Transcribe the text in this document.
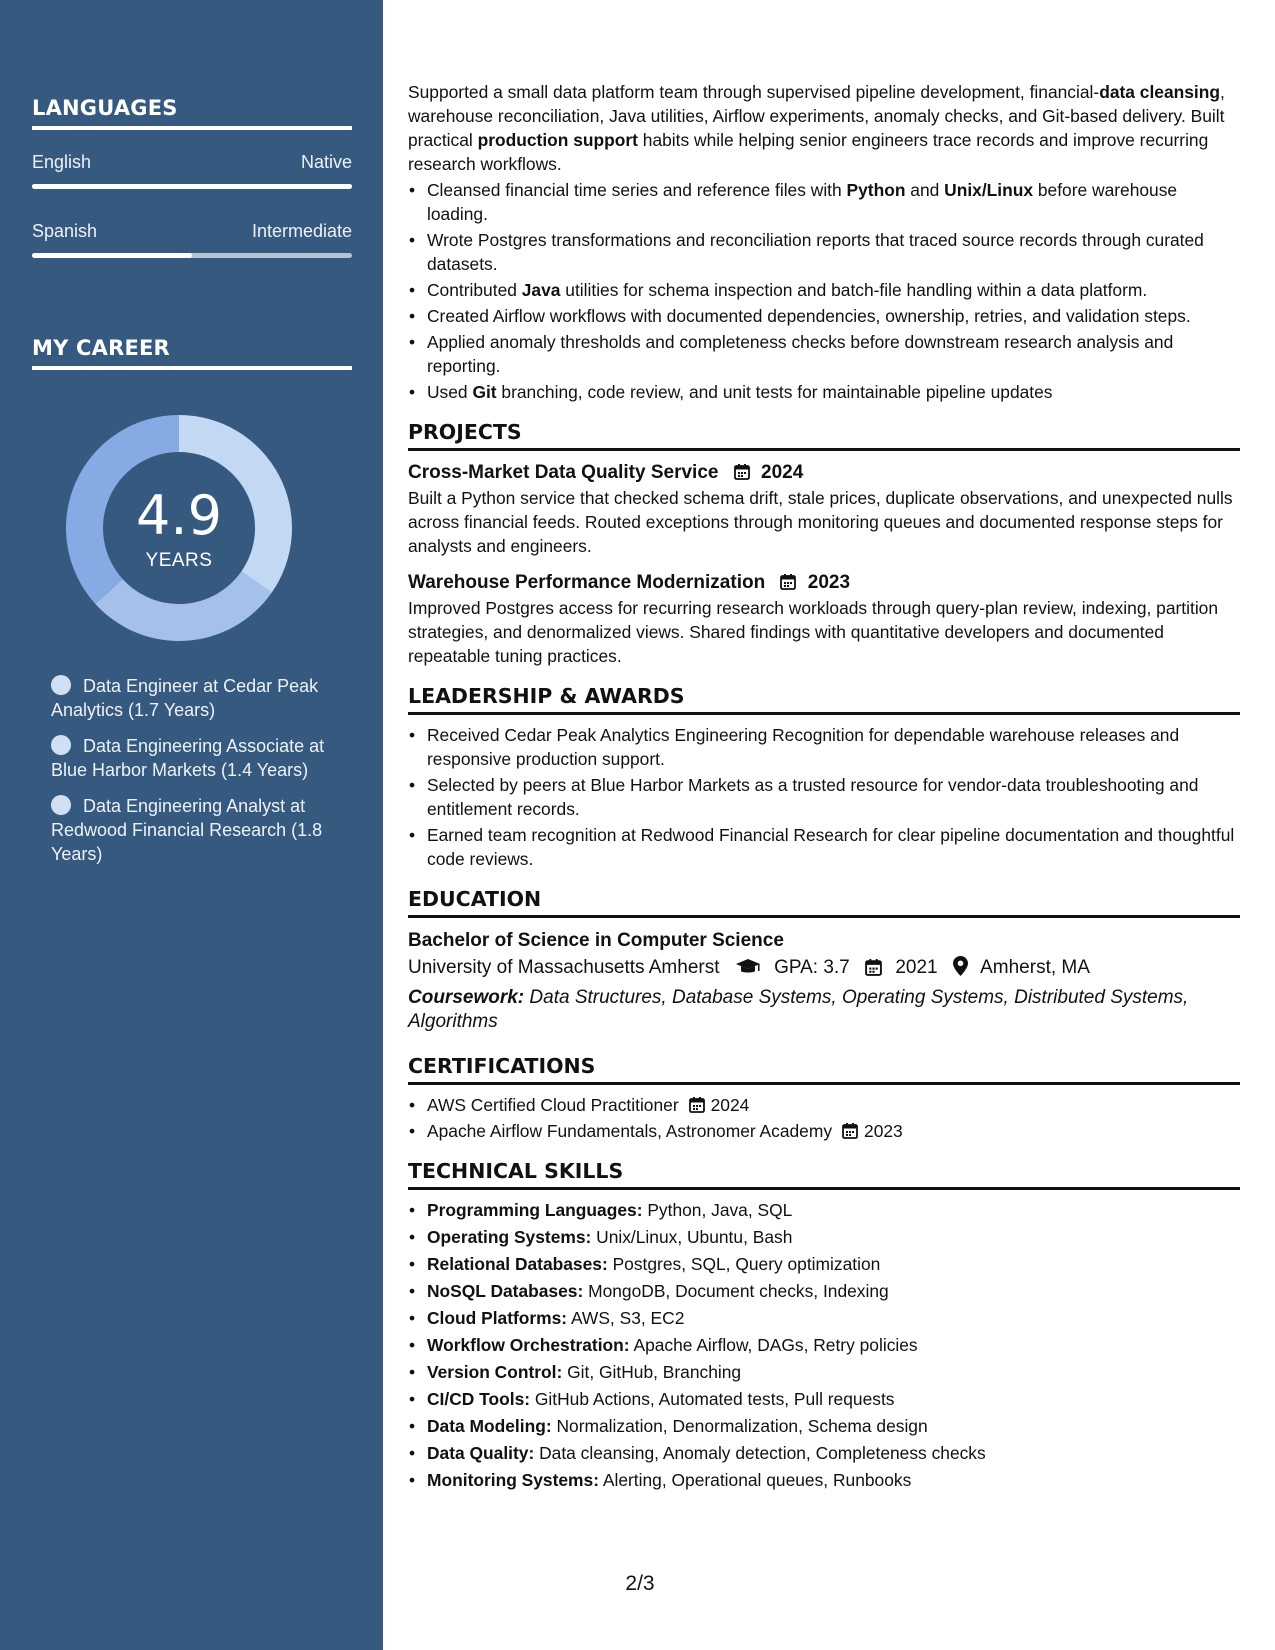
LANGUAGES
English	Native
Spanish	Intermediate
MY CAREER
4.9
YEARS
Data Engineer at Cedar Peak Analytics (1.7 Years)
Data Engineering Associate at Blue Harbor Markets (1.4 Years)
Data Engineering Analyst at Redwood Financial Research (1.8 Years)

Supported a small data platform team through supervised pipeline development, financial-data cleansing, warehouse reconciliation, Java utilities, Airflow experiments, anomaly checks, and Git-based delivery. Built practical production support habits while helping senior engineers trace records and improve recurring research workflows.

• Cleansed financial time series and reference files with Python and Unix/Linux before warehouse loading.
• Wrote Postgres transformations and reconciliation reports that traced source records through curated datasets.
• Contributed Java utilities for schema inspection and batch-file handling within a data platform.
• Created Airflow workflows with documented dependencies, ownership, retries, and validation steps.
• Applied anomaly thresholds and completeness checks before downstream research analysis and reporting.
• Used Git branching, code review, and unit tests for maintainable pipeline updates
PROJECTS
Cross-Market Data Quality Service 2024

Built a Python service that checked schema drift, stale prices, duplicate observations, and unexpected nulls across financial feeds. Routed exceptions through monitoring queues and documented response steps for analysts and engineers.

Warehouse Performance Modernization 2023

Improved Postgres access for recurring research workloads through query-plan review, indexing, partition strategies, and denormalized views. Shared findings with quantitative developers and documented repeatable tuning practices.

LEADERSHIP & AWARDS
• Received Cedar Peak Analytics Engineering Recognition for dependable warehouse releases and responsive production support.
• Selected by peers at Blue Harbor Markets as a trusted resource for vendor-data troubleshooting and entitlement records.
• Earned team recognition at Redwood Financial Research for clear pipeline documentation and thoughtful code reviews.
EDUCATION
Bachelor of Science in Computer Science
University of Massachusetts Amherst	GPA: 3.7 2021 Amherst, MA
Coursework: Data Structures, Database Systems, Operating Systems, Distributed Systems, Algorithms
CERTIFICATIONS
• AWS Certified Cloud Practitioner 2024
• Apache Airflow Fundamentals, Astronomer Academy 2023
TECHNICAL SKILLS
• Programming Languages: Python, Java, SQL
• Operating Systems: Unix/Linux, Ubuntu, Bash
• Relational Databases: Postgres, SQL, Query optimization
• NoSQL Databases: MongoDB, Document checks, Indexing
• Cloud Platforms: AWS, S3, EC2
• Workflow Orchestration: Apache Airflow, DAGs, Retry policies
• Version Control: Git, GitHub, Branching
• CI/CD Tools: GitHub Actions, Automated tests, Pull requests
• Data Modeling: Normalization, Denormalization, Schema design
• Data Quality: Data cleansing, Anomaly detection, Completeness checks
• Monitoring Systems: Alerting, Operational queues, Runbooks
2/3
